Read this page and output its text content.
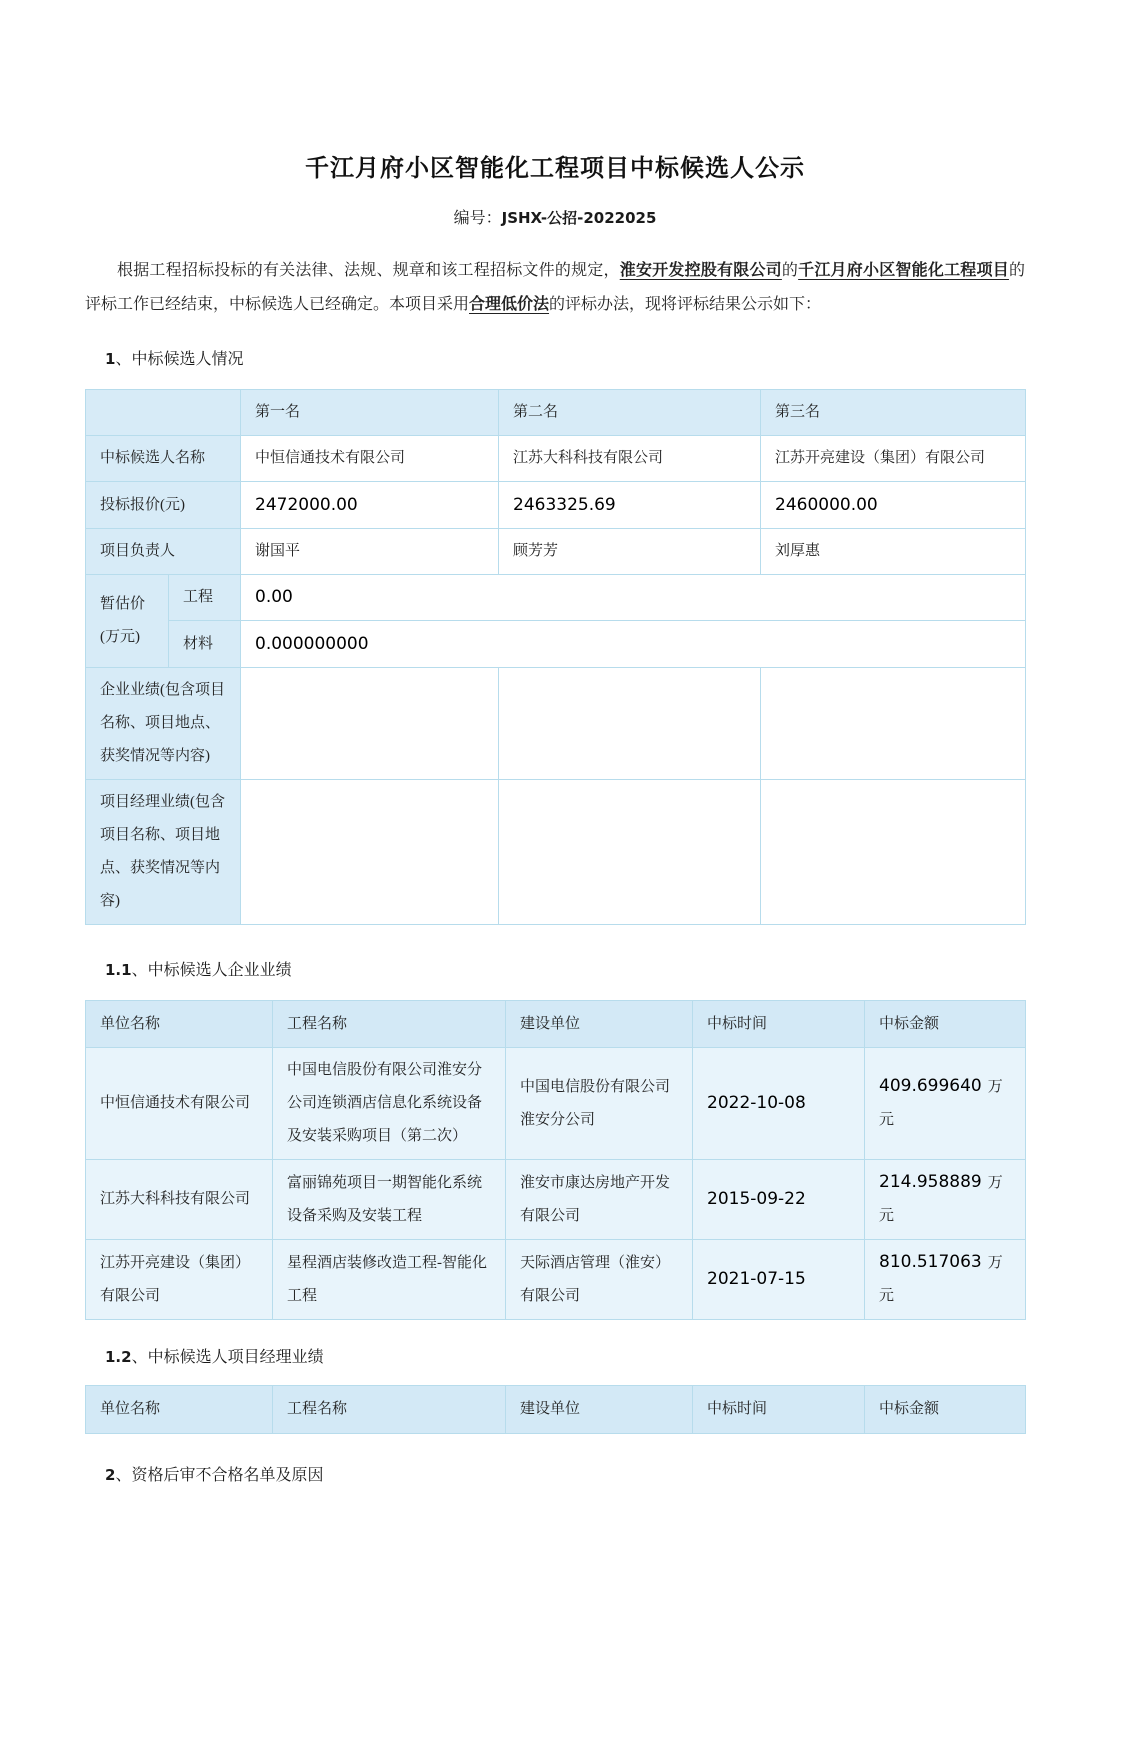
千江月府小区智能化工程项目中标候选人公示
编号：JSHX-公招-2022025

根据工程招标投标的有关法律、法规、规章和该工程招标文件的规定，淮安开发控股有限公司的千江月府小区智能化工程项目的评标工作已经结束，中标候选人已经确定。本项目采用合理低价法的评标办法，现将评标结果公示如下：

1、中标候选人情况
		第一名	第二名	第三名
中标候选人名称		中恒信通技术有限公司	江苏大科科技有限公司	江苏开亮建设（集团）有限公司
投标报价(元)		2472000.00	2463325.69	2460000.00
项目负责人		谢国平	顾芳芳	刘厚惠
暂估价(万元)	工程	0.00		
	材料	0.000000000		
企业业绩(包含项目名称、项目地点、获奖情况等内容)				
项目经理业绩(包含项目名称、项目地点、获奖情况等内容)				
1.1、中标候选人企业业绩
单位名称	工程名称	建设单位	中标时间	中标金额
中恒信通技术有限公司	中国电信股份有限公司淮安分公司连锁酒店信息化系统设备及安装采购项目（第二次）	中国电信股份有限公司淮安分公司	2022-10-08	409.699640 万元
江苏大科科技有限公司	富丽锦苑项目一期智能化系统设备采购及安装工程	淮安市康达房地产开发有限公司	2015-09-22	214.958889 万元
江苏开亮建设（集团）有限公司	星程酒店装修改造工程-智能化工程	天际酒店管理（淮安）有限公司	2021-07-15	810.517063 万元
1.2、中标候选人项目经理业绩
单位名称	工程名称	建设单位	中标时间	中标金额
2、资格后审不合格名单及原因
